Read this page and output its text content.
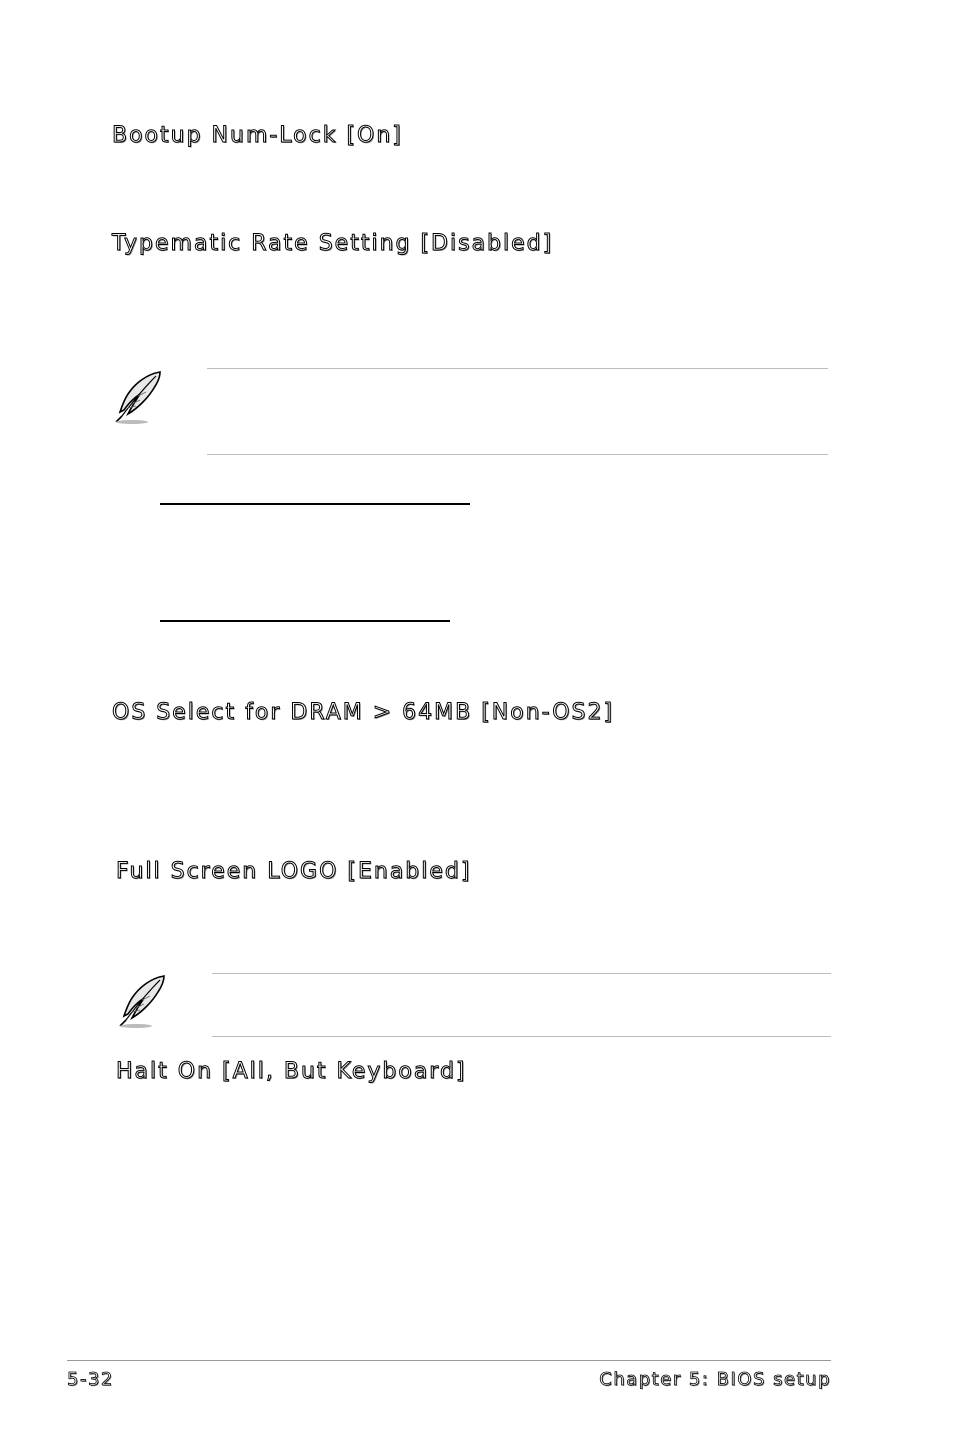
Bootup Num-Lock [On]
Typematic Rate Setting [Disabled]
OS Select for DRAM > 64MB [Non-OS2]
Full Screen LOGO [Enabled]
Halt On [All, But Keyboard]
5-32	Chapter 5: BIOS setup
